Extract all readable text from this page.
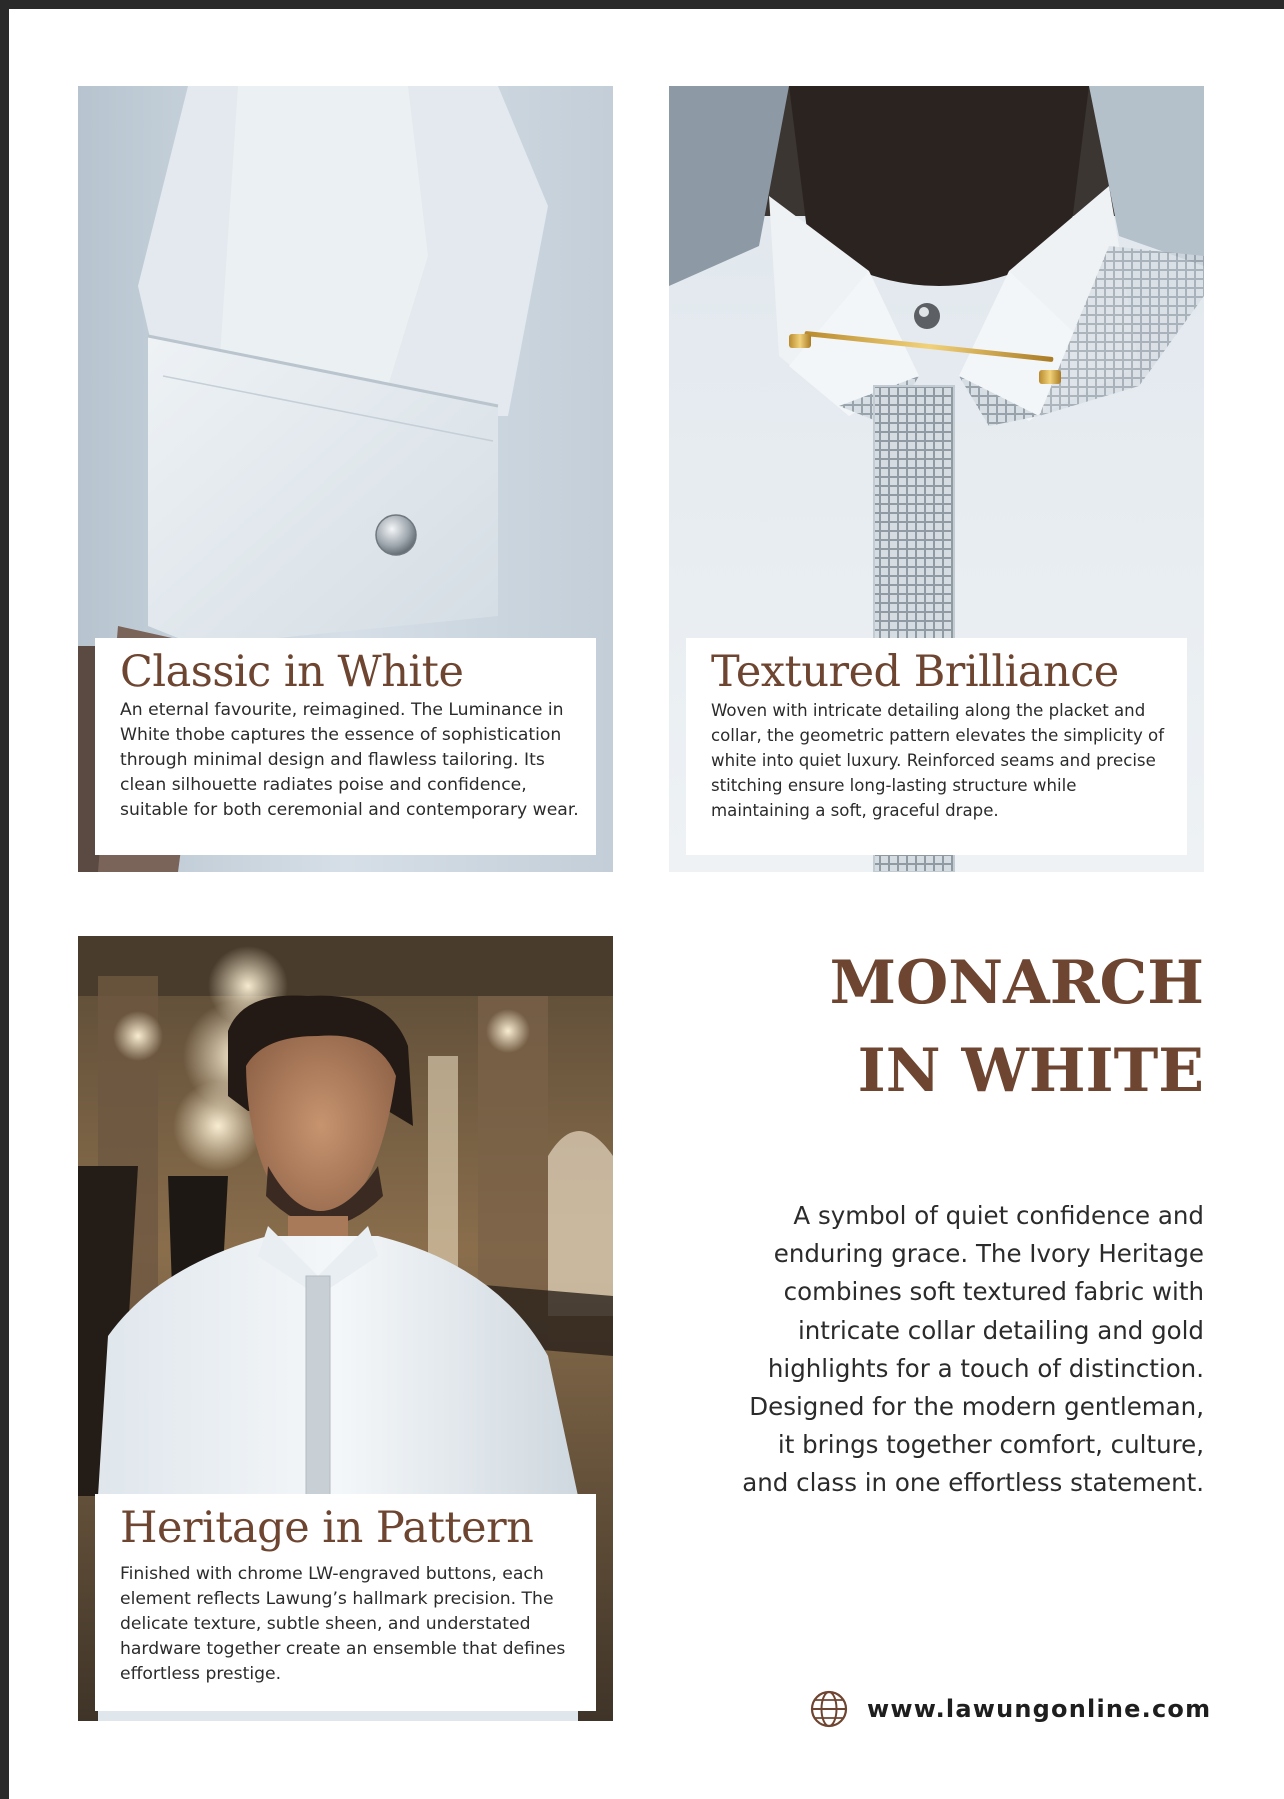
Classic in White

An eternal favourite, reimagined. The Luminance in White thobe captures the essence of sophistication through minimal design and flawless tailoring. Its clean silhouette radiates poise and confidence, suitable for both ceremonial and contemporary wear.

Textured Brilliance

Woven with intricate detailing along the placket and collar, the geometric pattern elevates the simplicity of white into quiet luxury. Reinforced seams and precise stitching ensure long-lasting structure while maintaining a soft, graceful drape.

Heritage in Pattern

Finished with chrome LW-engraved buttons, each element reflects Lawung’s hallmark precision. The delicate texture, subtle sheen, and understated hardware together create an ensemble that defines effortless prestige.

MONARCH
IN WHITE

A symbol of quiet confidence and enduring grace. The Ivory Heritage combines soft textured fabric with intricate collar detailing and gold highlights for a touch of distinction. Designed for the modern gentleman, it brings together comfort, culture, and class in one effortless statement.

www.lawungonline.com
